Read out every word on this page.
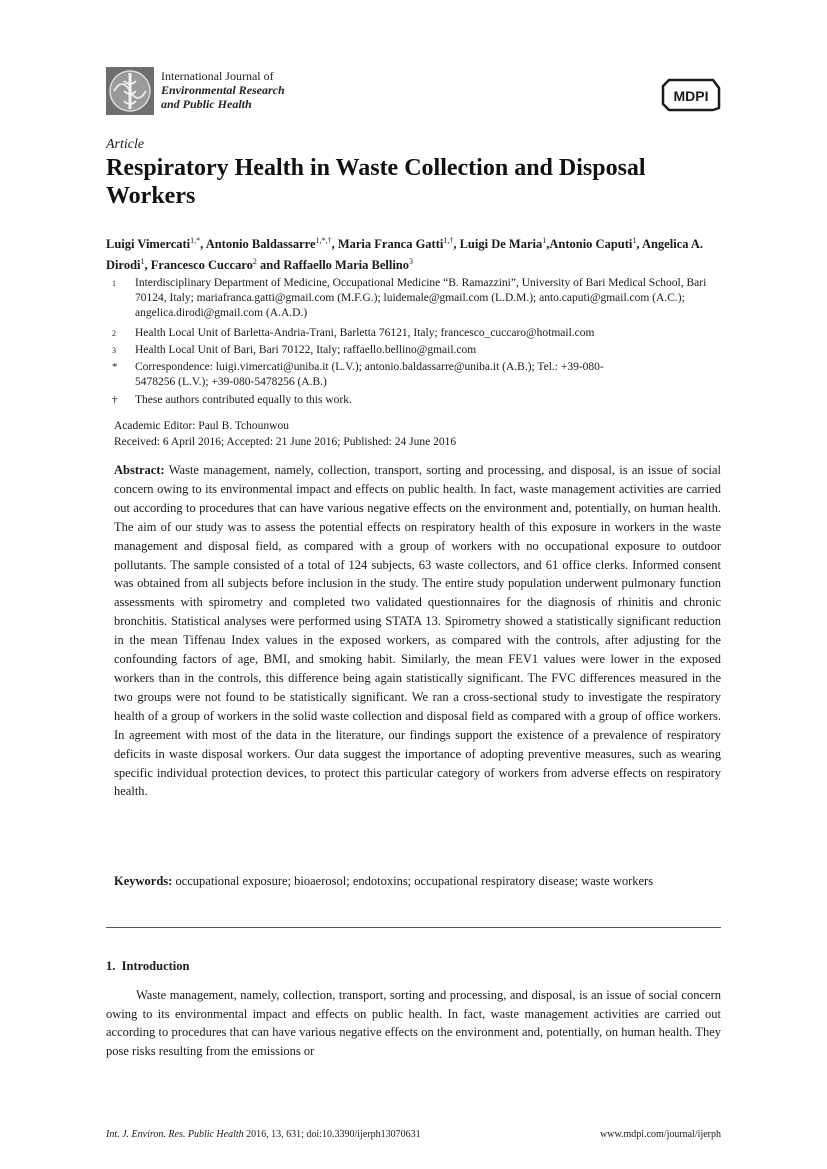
International Journal of
Environmental Research
and Public Health	MDPI
Article
Respiratory Health in Waste Collection and Disposal Workers
Luigi Vimercati$^{1,*}$, Antonio Baldassarre$^{1,*,\dagger}$, Maria Franca Gatti$^{1,\dagger}$, Luigi De Maria$^1$,Antonio Caputi$^1$, Angelica A. Dirodi$^1$, Francesco Cuccaro$^2$ and Raffaello Maria Bellino$^3$
1	Interdisciplinary Department of Medicine, Occupational Medicine “B. Ramazzini”, University of Bari Medical School, Bari 70124, Italy; mariafranca.gatti@gmail.com (M.F.G.); luidemale@gmail.com (L.D.M.); anto.caputi@gmail.com (A.C.); angelica.dirodi@gmail.com (A.A.D.)
2	Health Local Unit of Barletta-Andria-Trani, Barletta 76121, Italy; francesco_cuccaro@hotmail.com
3	Health Local Unit of Bari, Bari 70122, Italy; raffaello.bellino@gmail.com
*	Correspondence: luigi.vimercati@uniba.it (L.V.); antonio.baldassarre@uniba.it (A.B.); Tel.: +39-080-5478256 (L.V.); +39-080-5478256 (A.B.)
†	These authors contributed equally to this work.
Academic Editor: Paul B. Tchounwou
Received: 6 April 2016; Accepted: 21 June 2016; Published: 24 June 2016

Abstract: Waste management, namely, collection, transport, sorting and processing, and disposal, is an issue of social concern owing to its environmental impact and effects on public health. In fact, waste management activities are carried out according to procedures that can have various negative effects on the environment and, potentially, on human health. The aim of our study was to assess the potential effects on respiratory health of this exposure in workers in the waste management and disposal field, as compared with a group of workers with no occupational exposure to outdoor pollutants. The sample consisted of a total of 124 subjects, 63 waste collectors, and 61 office clerks. Informed consent was obtained from all subjects before inclusion in the study. The entire study population underwent pulmonary function assessments with spirometry and completed two validated questionnaires for the diagnosis of rhinitis and chronic bronchitis. Statistical analyses were performed using STATA 13. Spirometry showed a statistically significant reduction in the mean Tiffenau Index values in the exposed workers, as compared with the controls, after adjusting for the confounding factors of age, BMI, and smoking habit. Similarly, the mean FEV1 values were lower in the exposed workers than in the controls, this difference being again statistically significant. The FVC differences measured in the two groups were not found to be statistically significant. We ran a cross-sectional study to investigate the respiratory health of a group of workers in the solid waste collection and disposal field as compared with a group of office workers. In agreement with most of the data in the literature, our findings support the existence of a prevalence of respiratory deficits in waste disposal workers. Our data suggest the importance of adopting preventive measures, such as wearing specific individual protection devices, to protect this particular category of workers from adverse effects on respiratory health.

Keywords: occupational exposure; bioaerosol; endotoxins; occupational respiratory disease; waste workers

1.  Introduction

Waste management, namely, collection, transport, sorting and processing, and disposal, is an issue of social concern owing to its environmental impact and effects on public health. In fact, waste management activities are carried out according to procedures that can have various negative effects on the environment and, potentially, on human health. They pose risks resulting from the emissions or

Int. J. Environ. Res. Public Health 2016, 13, 631; doi:10.3390/ijerph13070631	www.mdpi.com/journal/ijerph
